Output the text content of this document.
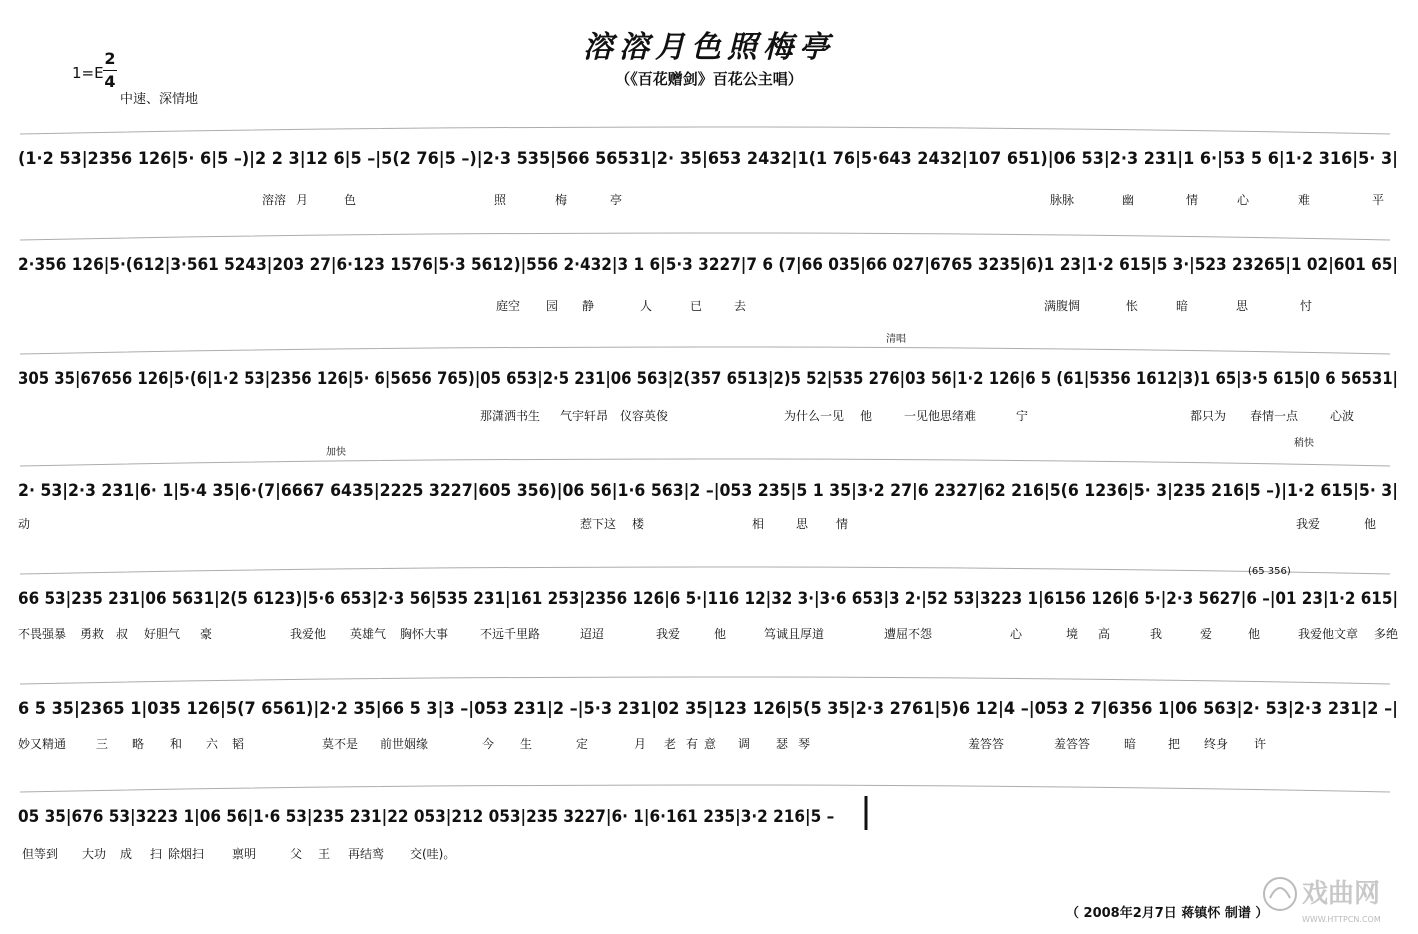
溶溶月色照梅亭
（《百花赠剑》百花公主唱）
1=E
2
4
中速、深情地
(1·2 53|2356 126|5· 6|5 –)|2 2 3|12 6|5 –|5(2 76|5 –)|2·3 535|566 56531|2· 35|653 2432|1(1 76|5·643 2432|107 651)|06 53|2·3 231|1 6·|53 5 6|1·2 316|5· 3|
溶溶 月	色	照	梅	亭	脉脉	幽	情	心	难	平
2·356 126|5·(612|3·561 5243|203 27|6·123 1576|5·3 5612)|556 2·432|3 1 6|5·3 3227|7 6 (7|66 035|66 027|6765 3235|6)1 23|1·2 615|5 3·|523 23265|1 02|601 65|
庭空 园 静	人	已	去	满腹惆	怅	暗	思	忖
305 35|67656 126|5·(6|1·2 53|2356 126|5· 6|5656 765)|05 653|2·5 231|06 563|2(357 6513|2)5 52|535 276|03 56|1·2 126|6 5 (61|5356 1612|3)1 65|3·5 615|0 6 56531|
那潇洒书生 气宇轩昂 仪容英俊	为什么一见 他	一见他思绪难	宁	都只为 春情一点	心波
2· 53|2·3 231|6· 1|5·4 35|6·(7|6667 6435|2225 3227|605 356)|06 56|1·6 563|2 –|053 235|5 1 35|3·2 27|6 2327|62 216|5(6 1236|5· 3|235 216|5 –)|1·2 615|5· 3|
动	惹下这 楼	相	思 情	我爱	他
66 53|235 231|06 5631|2(5 6123)|5·6 653|2·3 56|535 231|161 253|2356 126|6 5·|116 12|32 3·|3·6 653|3 2·|52 53|3223 1|6156 126|6 5·|2·3 5627|6 –|01 23|1·2 615|
不畏强暴 勇救 叔 好胆气 豪	我爱他 英雄气 胸怀大事	不远千里路	迢迢	我爱	他	笃诚且厚道	遭屈不怨	心	境 高	我	爱	他	我爱他文章 多绝
6 5 35|2365 1|035 126|5(7 6561)|2·2 35|66 5 3|3 –|053 231|2 –|5·3 231|02 35|123 126|5(5 35|2·3 2761|5)6 12|4 –|053 2 7|6356 1|06 563|2· 53|2·3 231|2 –|
妙又精通 三 略 和 六 韬	莫不是 前世姻缘	今 生	定	月 老 有 意 调 瑟 琴	羞答答	羞答答	暗	把 终身 许
05 35|676 53|3223 1|06 56|1·6 53|235 231|22 053|212 053|235 3227|6· 1|6·161 235|3·2 216|5 –
但等到 大功 成 扫 除烟扫 禀明	父 王 再结鸾 交(哇)。
加快
清唱
稍快
(65 356)
（ 2008年2月7日 蒋镇怀 制谱 ）
戏曲网
WWW.HTTPCN.COM
